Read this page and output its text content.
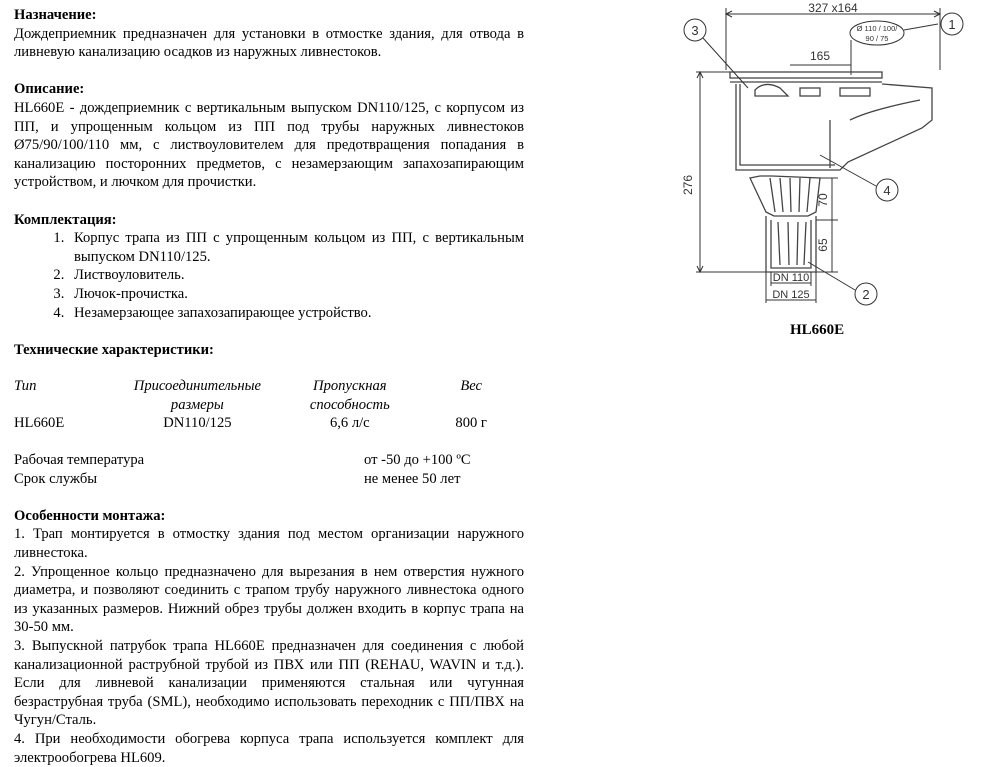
Назначение:

Дождеприемник предназначен для установки в отмосткe здания, для отвода в ливневую канализацию осадков из наружных ливнестоков.

Описание:

HL660E - дождеприемник с вертикальным выпуском DN110/125, с корпусом из ПП, и упрощенным кольцом из ПП под трубы наружных ливнестоков Ø75/90/100/110 мм, с листвоуловителем для предотвращения попадания в канализацию посторонних предметов, с незамерзающим запахозапирающим устройством, и лючком для прочистки.

Комплектация:

1. Корпус трапа из ПП с упрощенным кольцом из ПП, с вертикальным выпуском DN110/125.
2. Листвоуловитель.
3. Лючок-прочистка.
4. Незамерзающее запахозапирающее устройство.

Технические характеристики:

Тип	Присоединительные	Пропускная	Вес
	размеры	способность	
HL660E	DN110/125	6,6 л/с	800 г
Рабочая температура	от -50 до +100 ºС
Срок службы	не менее 50 лет

Особенности монтажа:

1. Трап монтируется в отмостку здания под местом организации наружного ливнестока.

2. Упрощенное кольцо предназначено для вырезания в нем отверстия нужного диаметра, и позволяют соединить с трапом трубу наружного ливнестока одного из указанных размеров. Нижний обрез трубы должен входить в корпус трапа на 30-50 мм.

3. Выпускной патрубок трапа HL660E предназначен для соединения с любой канализационной раструбной трубой из ПВХ или ПП (REHAU, WAVIN и т.д.). Если для ливневой канализации применяются стальная или чугунная безраструбная труба (SML), необходимо использовать переходник с ПП/ПВХ на Чугун/Сталь.

4. При необходимости обогрева корпуса трапа используется комплект для электрообогрева HL609.

327 x164
165
Ø 110 / 100/
90 / 75
276
70
65
DN 110
DN 125
1
3
4
2
HL660E
